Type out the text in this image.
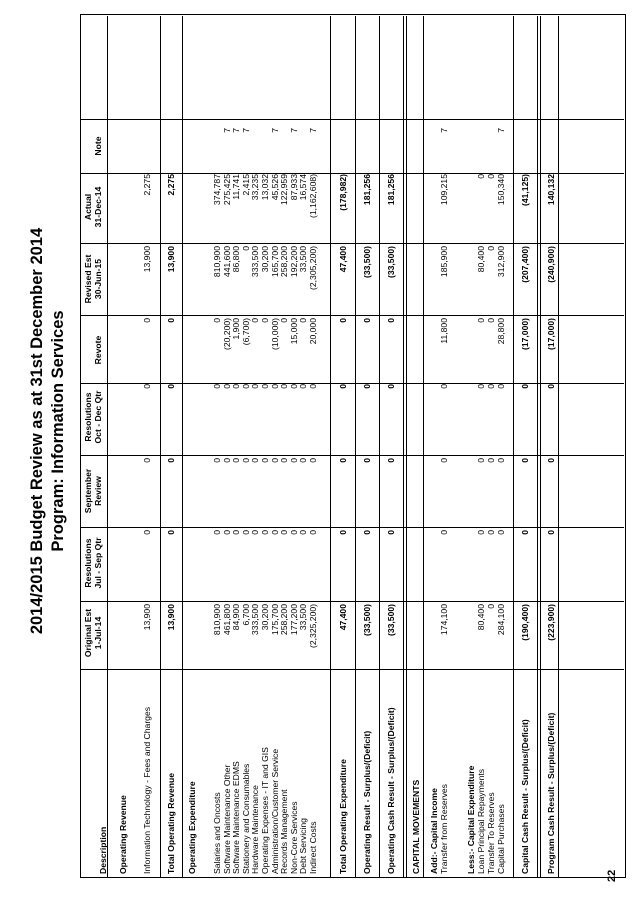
2014/2015 Budget Review as at 31st December 2014 Program: Information Services
Original Est 1-Jul-14
Resolutions Jul - Sep Qtr
September Review
Resolutions Oct - Dec Qtr
Revote
Revised Est 30-Jun-15
Actual 31-Dec-14
Note
Description Operating Revenue Information Technology - Fees and Charges
13,900
0
0
0
0
13,900
2,275
Total Operating Revenue
13,900
0
0
0
0
13,900
2,275
Operating Expenditure Salaries and Oncosts
810,900
0
0
0
0
810,900
374,787
Software Maintenance Other
461,800
0
0
0
(20,200)
441,600
275,425
7
Software Maintenance EDMS
84,900
0
0
0
1,900
86,800
11,741
7
Stationery and Consumables
6,700
0
0
0
(6,700)
0
2,415
7
Hardware Maintenance
333,500
0
0
0
0
333,500
33,235
Operating Expenses - IT and GIS
30,200
0
0
0
0
30,200
13,032
Administration/Customer Service
175,700
0
0
0
(10,000)
165,700
45,526
7
Records Management
258,200
0
0
0
0
258,200
122,959
Non-Core Services
177,200
0
0
0
15,000
192,200
87,933
7
Debt Servicing
33,500
0
0
0
0
33,500
16,574
Indirect Costs
(2,325,200)
0
0
0
20,000
(2,305,200)
(1,162,608)
7
Total Operating Expenditure
47,400
0
0
0
0
47,400
(178,982)
Operating Result - Surplus/(Deficit)
(33,500)
0
0
0
0
(33,500)
181,256
Operating Cash Result - Surplus/(Deficit)
(33,500)
0
0
0
0
(33,500)
181,256
CAPITAL MOVEMENTS Add:- Capital Income Transfer from Reserves
174,100
0
0
0
11,800
185,900
109,215
7
Less:- Capital Expenditure Loan Principal Repayments
80,400
0
0
0
0
80,400
0
Transfer To Reserves
0
0
0
0
0
0
0
Capital Purchases
284,100
0
0
0
28,800
312,900
150,340
7
Capital Cash Result - Surplus/(Deficit)
(190,400)
0
0
0
(17,000)
(207,400)
(41,125)
Program Cash Result - Surplus/(Deficit)
(223,900)
0
0
0
(17,000)
(240,900)
140,132
22
